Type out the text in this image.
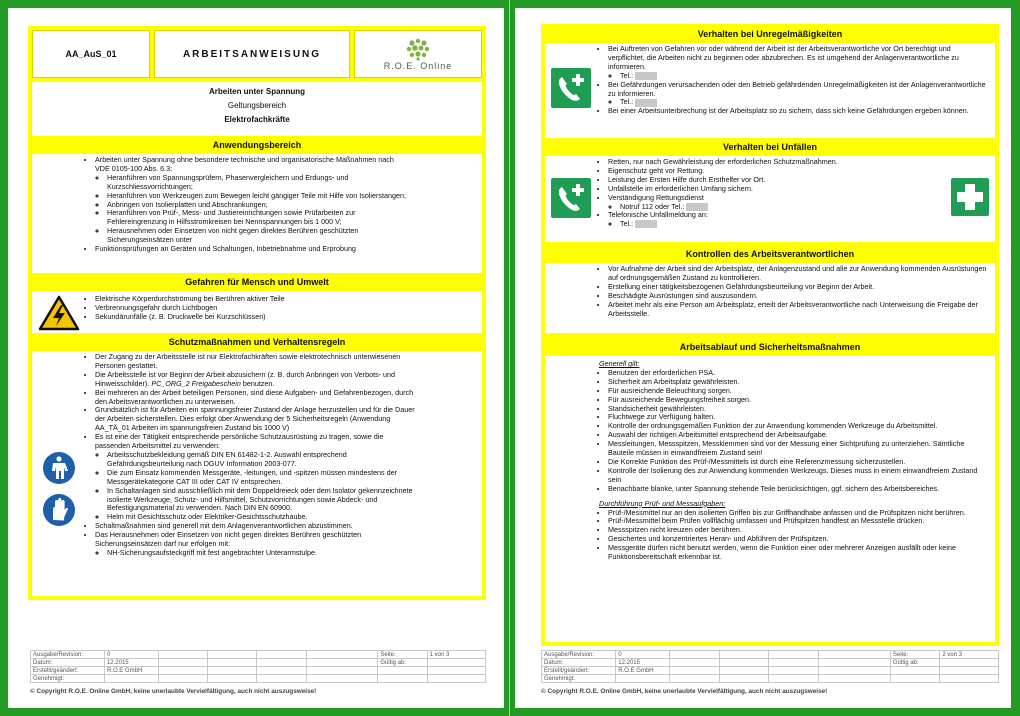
AA_AuS_01	ARBEITSANWEISUNG
R.O.E. Online
Arbeiten unter Spannung
Geltungsbereich
Elektrofachkräfte
Anwendungsbereich
• Arbeiten unter Spannung ohne besondere technische und organisatorische Maßnahmen nach VDE 0105-100 Abs. 6.3:
◦ Heranführen von Spannungsprüfern, Phasenvergleichern und Erdungs- und Kurzschliessvorrichtungen;
◦ Heranführen von Werkzeugen zum Bewegen leicht gängiger Teile mit Hilfe von Isolierstangen;
◦ Anbringen von Isolierplatten und Abschrankungen;
◦ Heranführen von Prüf-, Mess- und Justiereinrichtungen sowie Prüfarbeiten zur Fehlereingrenzung in Hilfsstromkreisen bei Nennspannungen bis 1 000 V;
◦ Herausnehmen oder Einsetzen von nicht gegen direktes Berühren geschützten Sicherungseinsätzen unter
• Funktionsprüfungen an Geräten und Schaltungen, Inbetriebnahme und Erprobung
Gefahren für Mensch und Umwelt
• Elektrische Körperdurchströmung bei Berühren aktiver Teile
• Verbrennungsgefahr durch Lichtbogen
• Sekundärunfälle (z. B. Druckwelle bei Kurzschlüssen)
Schutzmaßnahmen und Verhaltensregeln
• Der Zugang zu der Arbeitsstelle ist nur Elektrofachkräften sowie elektrotechnisch unterwiesenen Personen gestattet.
• Die Arbeitsstelle ist vor Beginn der Arbeit abzusichern (z. B. durch Anbringen von Verbots- und Hinweisschilder). PC_ORG_2 Freigabeschein benutzen.
• Bei mehreren an der Arbeit beteiligen Personen, sind diese Aufgaben- und Gefahrenbezogen, durch den Arbeitsverantwortlichen zu unterweisen.
• Grundsätzlich ist für Arbeiten ein spannungsfreier Zustand der Anlage herzustellen und für die Dauer der Arbeiten sicherstellen. Dies erfolgt über Anwendung der 5 Sicherheitsregeln (Anwendung AA_TÄ_01 Arbeiten im spannungsfreien Zustand bis 1000 V)
• Es ist eine der Tätigkeit entsprechende persönliche Schutzausrüstung zu tragen, sowie die passenden Arbeitsmittel zu verwenden:
◦ Arbeitsschutzbekleidung gemäß DIN EN 61482-1-2. Auswahl entsprechend Gefährdungsbeurteilung nach DGUV Information 2003-077.
◦ Die zum Einsatz kommenden Messgeräte, -leitungen, und -spitzen müssen mindestens der Messgerätekategorie CAT III oder CAT IV entsprechen.
◦ In Schaltanlagen sind ausschließlich mit dem Doppeldreieck oder dem Isolator gekennzeichnete isolierte Werkzeuge, Schutz- und Hilfsmittel, Schutzvorrichtungen sowie Abdeck- und Befestigungsmaterial zu verwenden. Nach DIN EN 60900.
◦ Helm mit Gesichtsschutz oder Elektriker-Gesichtsschutzhaube.
• Schaltmaßnahmen sind generell mit dem Anlagenverantwortlichen abzustimmen.
• Das Herausnehmen oder Einsetzen von nicht gegen direktes Berühren geschützten Sicherungseinsätzen darf nur erfolgen mit:
◦ NH-Sicherungsaufsteckgriff mit fest angebrachter Unterarmstulpe.
Ausgabe/Revision:	0					Seite:	1 von 3
Datum:	12.2015					Gültig ab:	
Erstellt/geändert:	R.O.E GmbH						
Genehmigt:							
© Copyright R.O.E. Online GmbH, keine unerlaubte Vervielfältigung, auch nicht auszugsweise!
Verhalten bei Unregelmäßigkeiten
• Bei Auftreten von Gefahren vor oder während der Arbeit ist der Arbeitsverantwortliche vor Ort berechtigt und verpflichtet, die Arbeiten nicht zu beginnen oder abzubrechen. Es ist umgehend der Anlagenverantwortliche zu informieren.
◦ Tel.:
• Bei Gefährdungen verursachenden oder den Betrieb gefährdenden Unregelmäßigkeiten ist der Anlagenverantwortliche zu informieren.
◦ Tel.:
• Bei einer Arbeitsunterbrechung ist der Arbeitsplatz so zu sichern, dass sich keine Gefährdungen ergeben können.
Verhalten bei Unfällen
• Retten, nur nach Gewährleistung der erforderlichen Schutzmaßnahmen.
• Eigenschutz geht vor Rettung.
• Leistung der Ersten Hilfe durch Ersthelfer vor Ort.
• Unfallstelle im erforderlichen Umfang sichern.
• Verständigung Rettungsdienst
◦ Notruf 112 oder Tel.:
• Telefonische Unfallmeldung an:
◦ Tel.:
Kontrollen des Arbeitsverantwortlichen
• Vor Aufnahme der Arbeit sind der Arbeitsplatz, der Anlagenzustand und alle zur Anwendung kommenden Ausrüstungen auf ordnungsgemäßen Zustand zu kontrollieren.
• Erstellung einer tätigkeitsbezogenen Gefährdungsbeurteilung vor Beginn der Arbeit.
• Beschädigte Ausrüstungen sind auszusondern.
• Arbeitet mehr als eine Person am Arbeitsplatz, erteilt der Arbeitsverantwortliche nach Unterweisung die Freigabe der Arbeitsstelle.
Arbeitsablauf und Sicherheitsmaßnahmen
Generell gilt:
• Benutzen der erforderlichen PSA.
• Sicherheit am Arbeitsplatz gewährleisten.
• Für ausreichende Beleuchtung sorgen.
• Für ausreichende Bewegungsfreiheit sorgen.
• Standsicherheit gewährleisten.
• Fluchtwege zur Verfügung halten.
• Kontrolle der ordnungsgemäßen Funktion der zur Anwendung kommenden Werkzeuge du Arbeitsmittel.
• Auswahl der richtigen Arbeitsmittel entsprechend der Arbeitsaufgabe.
• Messleitungen, Messspitzen, Messklemmen sind vor der Messung einer Sichtprüfung zu unterziehen. Sämtliche Bauteile müssen in einwandfreiem Zustand sein!
• Die Korrekte Funktion des Prüf-/Messmittels ist durch eine Referenzmessung sicherzustellen.
• Kontrolle der Isolierung des zur Anwendung kommenden Werkzeugs. Dieses muss in einem einwandfreiem Zustand sein
• Benachbarte blanke, unter Spannung stehende Teile berücksichtigen, ggf. sichern des Arbeitsbereiches.
Durchführung Prüf- und Messaufgaben:
• Prüf-/Messmittel nur an den isolierten Griffen bis zur Griffhandhabe anfassen und die Prüfspitzen nicht berühren.
• Prüf-/Messmittel beim Prüfen vollflächig umfassen und Prüfspitzen handfest an Messstelle drücken.
• Messspitzen nicht kreuzen oder berühren.
• Gesichertes und konzentriertes Heran- und Abführen der Prüfspitzen.
• Messgeräte dürfen nicht benutzt werden, wenn die Funktion einer oder mehrerer Anzeigen ausfällt oder keine Funktionsbereitschaft erkennbar ist.
Ausgabe/Revision:	0					Seite:	2 von 3
Datum:	12.2015					Gültig ab:	
Erstellt/geändert:	R.O.E GmbH						
Genehmigt:							
© Copyright R.O.E. Online GmbH, keine unerlaubte Vervielfältigung, auch nicht auszugsweise!
